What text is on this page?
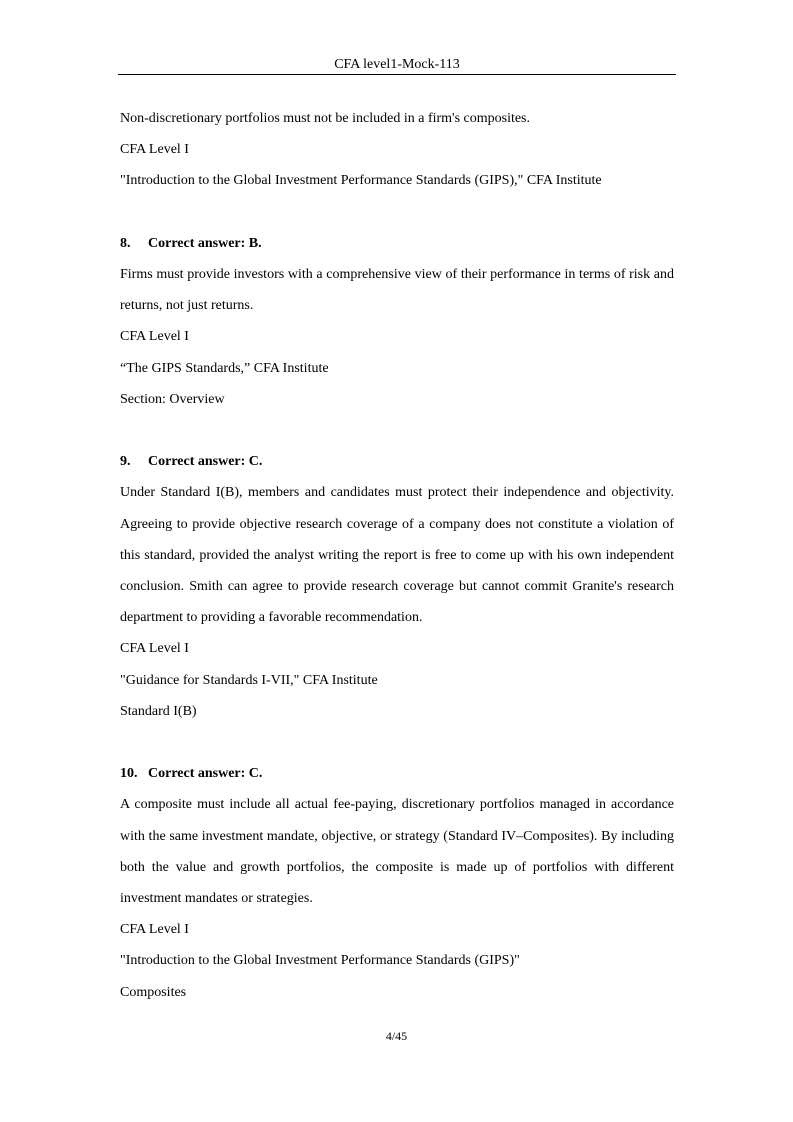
CFA level1-Mock-113

Non-discretionary portfolios must not be included in a firm's composites.

CFA Level I

"Introduction to the Global Investment Performance Standards (GIPS)," CFA Institute

8.	Correct answer: B.

Firms must provide investors with a comprehensive view of their performance in terms of risk and returns, not just returns.

CFA Level I

“The GIPS Standards,” CFA Institute

Section: Overview

9.	Correct answer: C.

Under Standard I(B), members and candidates must protect their independence and objectivity. Agreeing to provide objective research coverage of a company does not constitute a violation of this standard, provided the analyst writing the report is free to come up with his own independent conclusion. Smith can agree to provide research coverage but cannot commit Granite's research department to providing a favorable recommendation.

CFA Level I

"Guidance for Standards I-VII," CFA Institute

Standard I(B)

10. Correct answer: C.

A composite must include all actual fee-paying, discretionary portfolios managed in accordance with the same investment mandate, objective, or strategy (Standard IV–Composites). By including both the value and growth portfolios, the composite is made up of portfolios with different investment mandates or strategies.

CFA Level I

"Introduction to the Global Investment Performance Standards (GIPS)"

Composites

4/45
